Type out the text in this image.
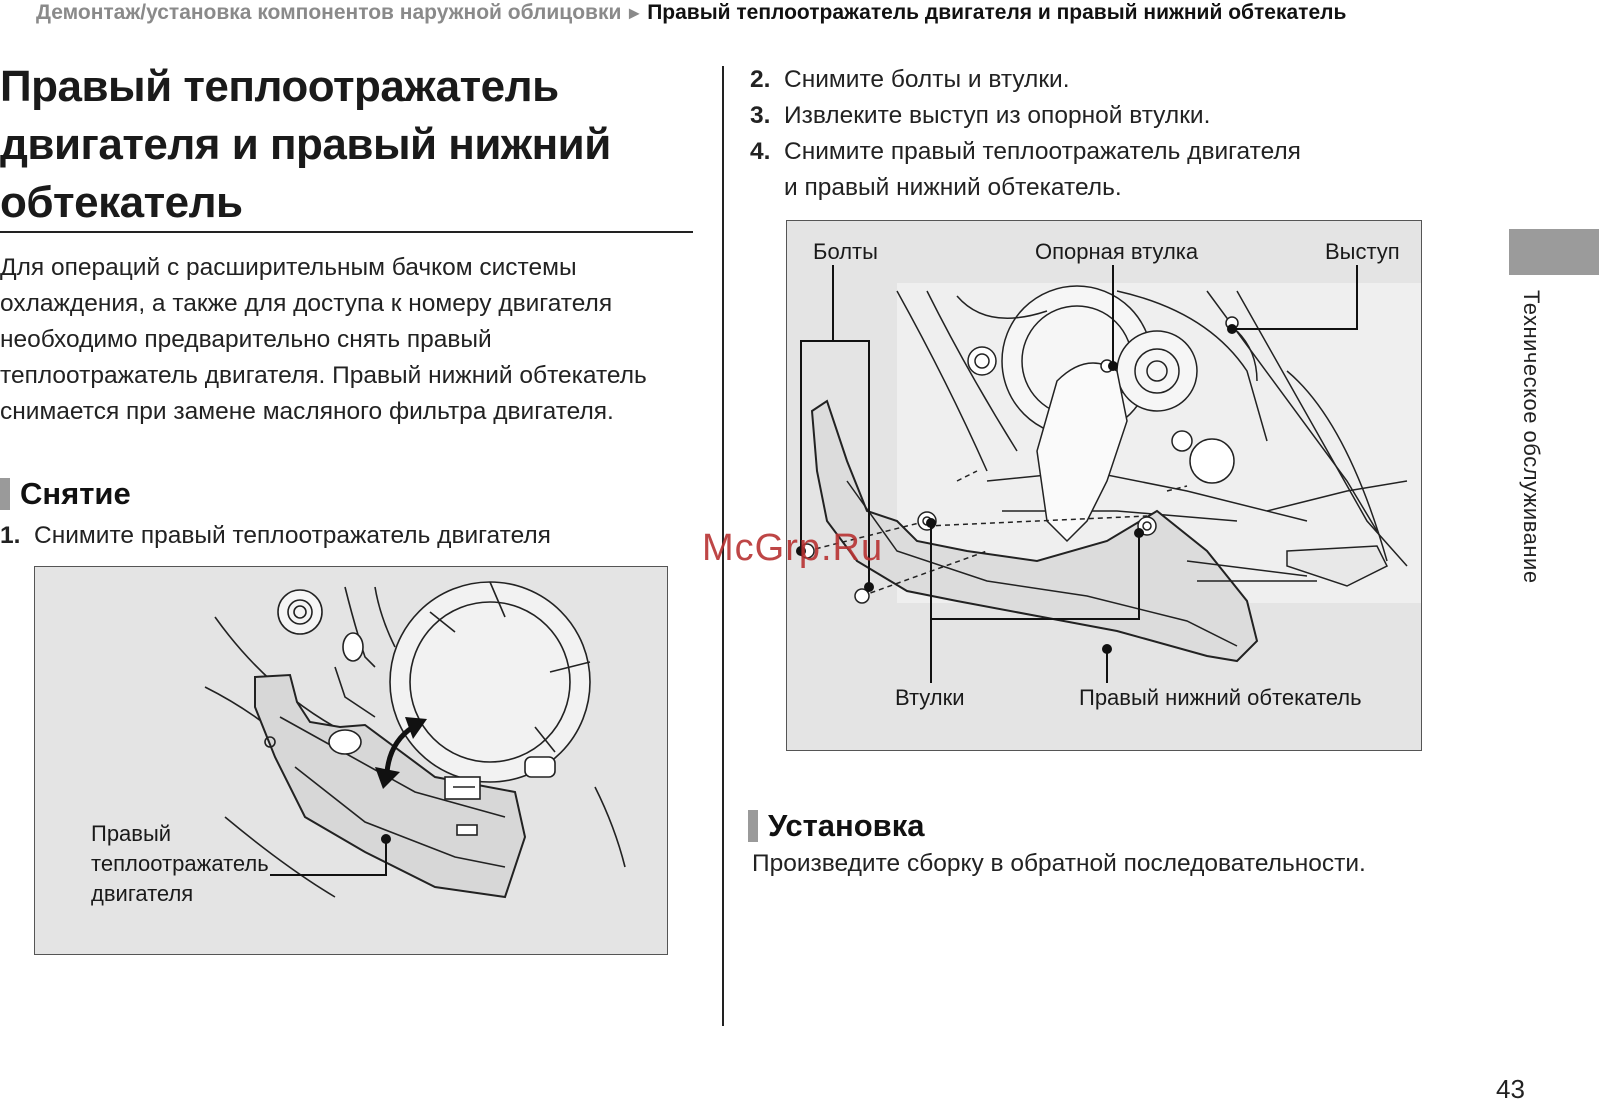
Демонтаж/установка компонентов наружной облицовки ► Правый теплоотражатель двигателя и правый нижний обтекатель
Правый теплоотражатель
двигателя и правый нижний
обтекатель
Для операций с расширительным бачком системы
охлаждения, а также для доступа к номеру двигателя
необходимо предварительно снять правый
теплоотражатель двигателя. Правый нижний обтекатель
снимается при замене масляного фильтра двигателя.
Снятие
1. Снимите правый теплоотражатель двигателя
Правый
теплоотражатель
двигателя
2. Снимите болты и втулки.
3. Извлеките выступ из опорной втулки.
4. Снимите правый теплоотражатель двигателя
и правый нижний обтекатель.
Болты	Опорная втулка	Выступ
Втулки	Правый нижний обтекатель
McGrp.Ru
Установка
Произведите сборку в обратной последовательности.
Техническое обслуживание
43
